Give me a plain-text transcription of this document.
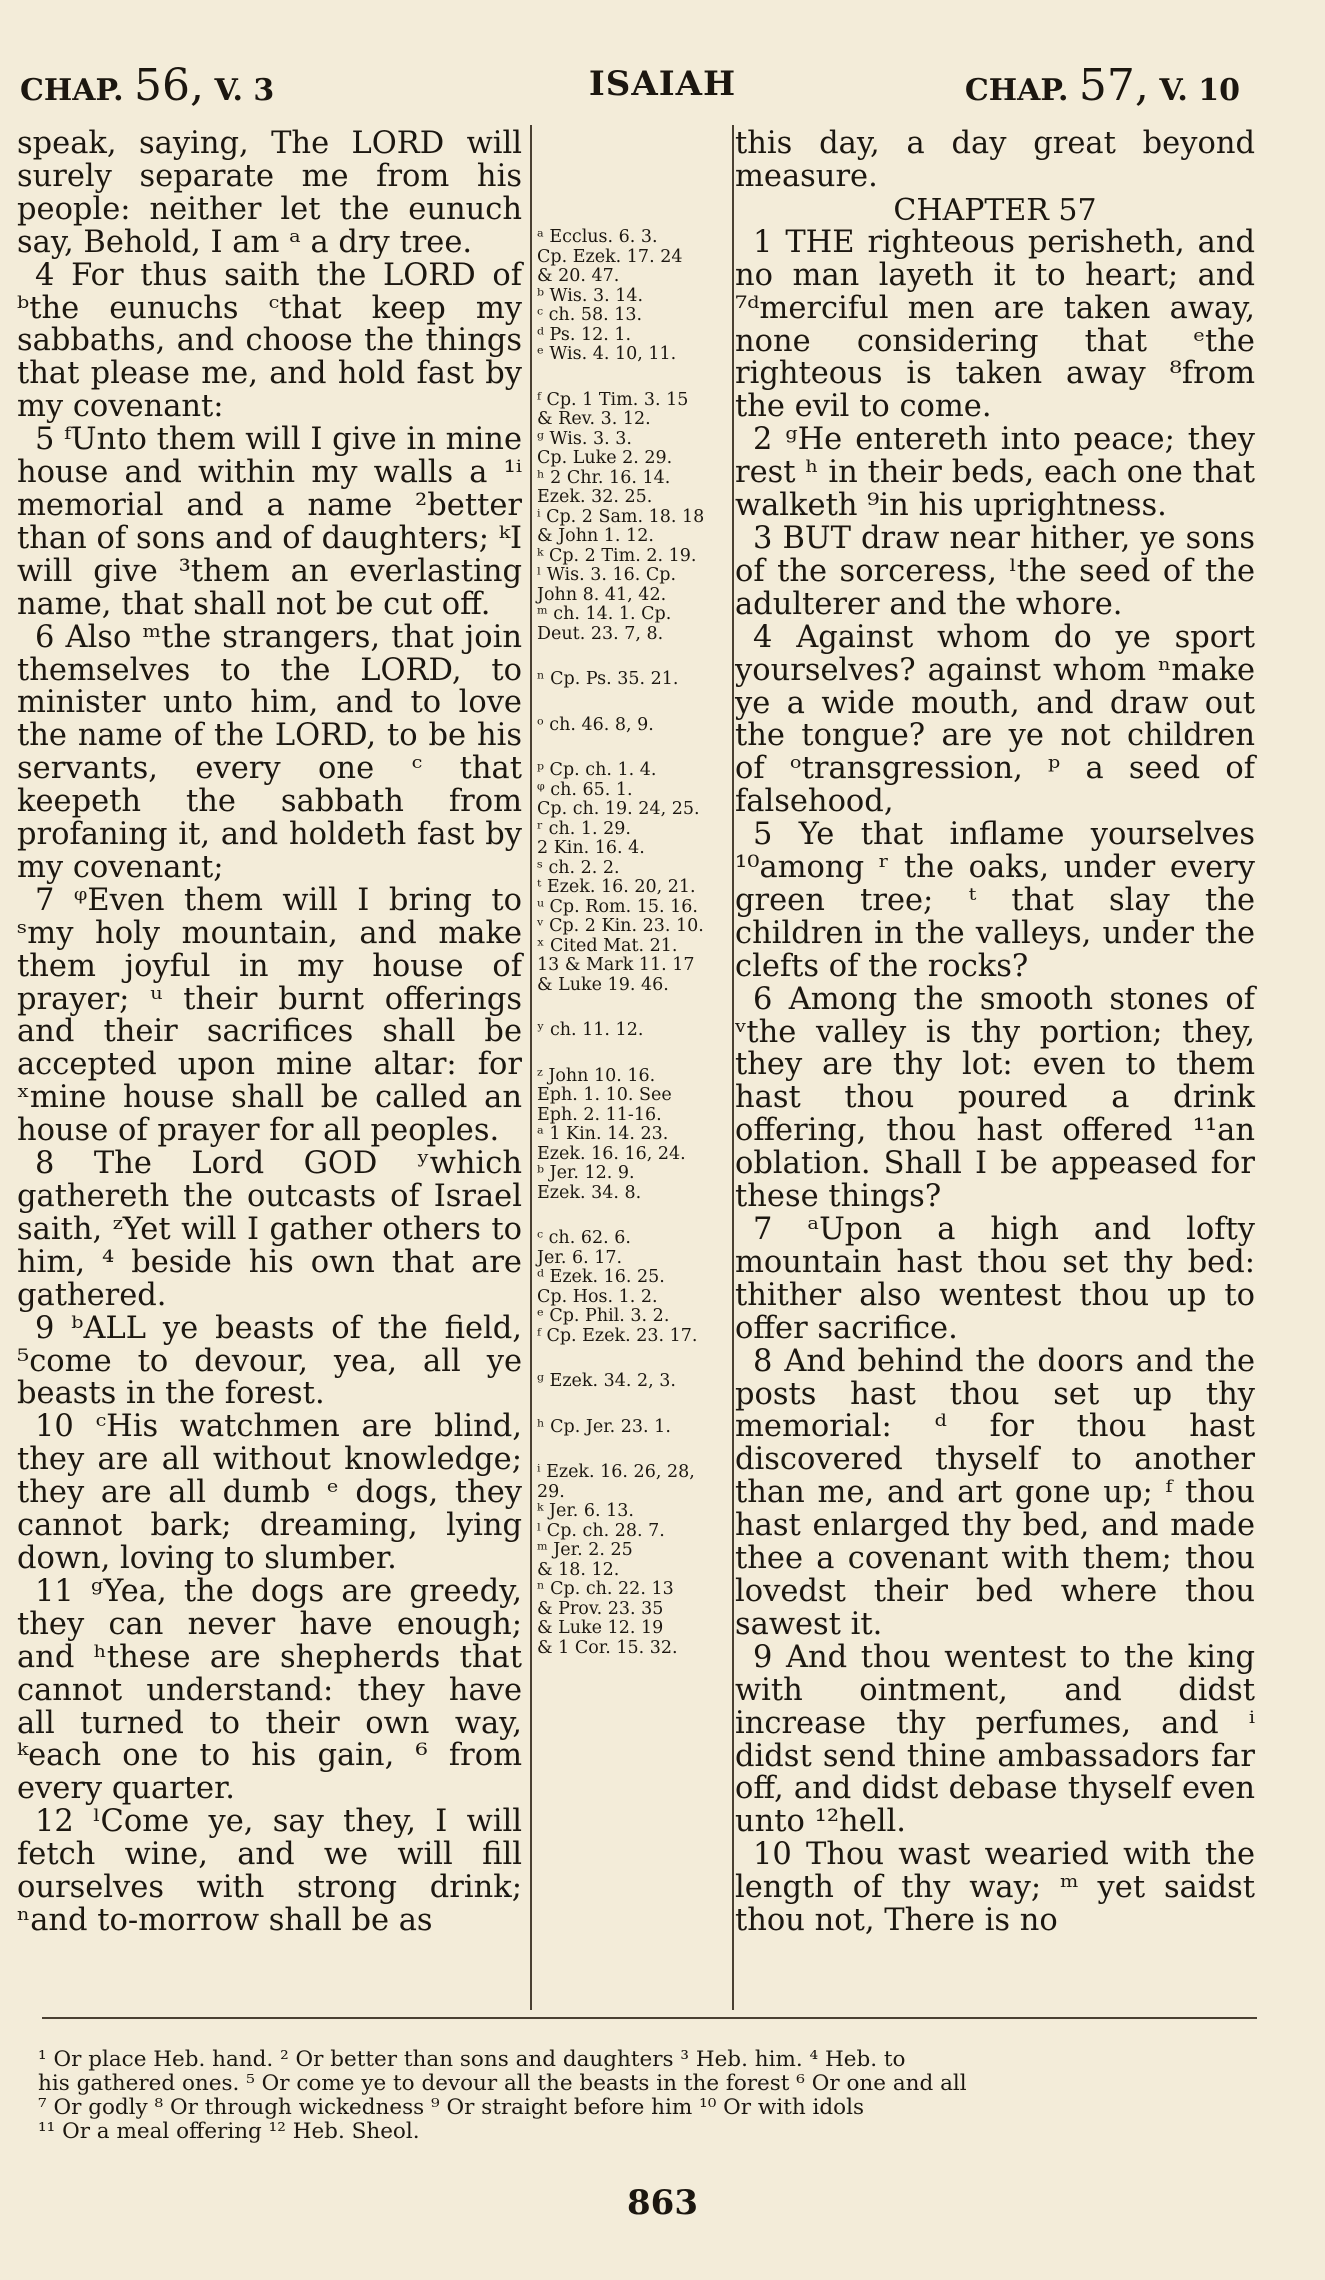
CHAP. 56, V. 3	ISAIAH	CHAP. 57, V. 10

speak, saying, The LORD will surely separate me from his people: neither let the eunuch say, Behold, I am ᵃ a dry tree.

4 For thus saith the LORD of ᵇthe eunuchs ᶜthat keep my sabbaths, and choose the things that please me, and hold fast by my covenant:

5 ᶠUnto them will I give in mine house and within my walls a ¹ⁱ memorial and a name ²better than of sons and of daughters; ᵏI will give ³them an everlasting name, that shall not be cut off.

6 Also ᵐthe strangers, that join themselves to the LORD, to minister unto him, and to love the name of the LORD, to be his servants, every one ᶜ that keepeth the sabbath from profaning it, and holdeth fast by my covenant;

7 ᵠEven them will I bring to ˢmy holy mountain, and make them joyful in my house of prayer; ᵘ their burnt offerings and their sacrifices shall be accepted upon mine altar: for ˣmine house shall be called an house of prayer for all peoples.

8 The Lord GOD ʸwhich gathereth the outcasts of Israel saith, ᶻYet will I gather others to him, ⁴ beside his own that are gathered.

9 ᵇALL ye beasts of the field, ⁵come to devour, yea, all ye beasts in the forest.

10 ᶜHis watchmen are blind, they are all without knowledge; they are all dumb ᵉ dogs, they cannot bark; dreaming, lying down, loving to slumber.

11 ᵍYea, the dogs are greedy, they can never have enough; and ʰthese are shepherds that cannot understand: they have all turned to their own way, ᵏeach one to his gain, ⁶ from every quarter.

12 ˡCome ye, say they, I will fetch wine, and we will fill ourselves with strong drink; ⁿand to-morrow shall be as

ᵃ Ecclus. 6. 3.
Cp. Ezek. 17. 24
& 20. 47.
ᵇ Wis. 3. 14.
ᶜ ch. 58. 13.
ᵈ Ps. 12. 1.
ᵉ Wis. 4. 10, 11.
ᶠ Cp. 1 Tim. 3. 15
& Rev. 3. 12.
ᵍ Wis. 3. 3.
Cp. Luke 2. 29.
ʰ 2 Chr. 16. 14.
Ezek. 32. 25.
ⁱ Cp. 2 Sam. 18. 18
& John 1. 12.
ᵏ Cp. 2 Tim. 2. 19.
ˡ Wis. 3. 16. Cp.
John 8. 41, 42.
ᵐ ch. 14. 1. Cp.
Deut. 23. 7, 8.
ⁿ Cp. Ps. 35. 21.
ᵒ ch. 46. 8, 9.
ᵖ Cp. ch. 1. 4.
ᵠ ch. 65. 1.
Cp. ch. 19. 24, 25.
ʳ ch. 1. 29.
2 Kin. 16. 4.
ˢ ch. 2. 2.
ᵗ Ezek. 16. 20, 21.
ᵘ Cp. Rom. 15. 16.
ᵛ Cp. 2 Kin. 23. 10.
ˣ Cited Mat. 21.
13 & Mark 11. 17
& Luke 19. 46.
ʸ ch. 11. 12.
ᶻ John 10. 16.
Eph. 1. 10. See
Eph. 2. 11-16.
ᵃ 1 Kin. 14. 23.
Ezek. 16. 16, 24.
ᵇ Jer. 12. 9.
Ezek. 34. 8.
ᶜ ch. 62. 6.
Jer. 6. 17.
ᵈ Ezek. 16. 25.
Cp. Hos. 1. 2.
ᵉ Cp. Phil. 3. 2.
ᶠ Cp. Ezek. 23. 17.
ᵍ Ezek. 34. 2, 3.
ʰ Cp. Jer. 23. 1.
ⁱ Ezek. 16. 26, 28,
29.
ᵏ Jer. 6. 13.
ˡ Cp. ch. 28. 7.
ᵐ Jer. 2. 25
& 18. 12.
ⁿ Cp. ch. 22. 13
& Prov. 23. 35
& Luke 12. 19
& 1 Cor. 15. 32.

this day, a day great beyond measure.

CHAPTER 57

1 THE righteous perisheth, and no man layeth it to heart; and ⁷ᵈmerciful men are taken away, none considering that ᵉthe righteous is taken away ⁸from the evil to come.

2 ᵍHe entereth into peace; they rest ʰ in their beds, each one that walketh ⁹in his uprightness.

3 BUT draw near hither, ye sons of the sorceress, ˡthe seed of the adulterer and the whore.

4 Against whom do ye sport yourselves? against whom ⁿmake ye a wide mouth, and draw out the tongue? are ye not children of ᵒtransgression, ᵖ a seed of falsehood,

5 Ye that inflame yourselves ¹⁰among ʳ the oaks, under every green tree; ᵗ that slay the children in the valleys, under the clefts of the rocks?

6 Among the smooth stones of ᵛthe valley is thy portion; they, they are thy lot: even to them hast thou poured a drink offering, thou hast offered ¹¹an oblation. Shall I be appeased for these things?

7 ᵃUpon a high and lofty mountain hast thou set thy bed: thither also wentest thou up to offer sacrifice.

8 And behind the doors and the posts hast thou set up thy memorial: ᵈ for thou hast discovered thyself to another than me, and art gone up; ᶠ thou hast enlarged thy bed, and made thee a covenant with them; thou lovedst their bed where thou sawest it.

9 And thou wentest to the king with ointment, and didst increase thy perfumes, and ⁱ didst send thine ambassadors far off, and didst debase thyself even unto ¹²hell.

10 Thou wast wearied with the length of thy way; ᵐ yet saidst thou not, There is no

¹ Or place Heb. hand. ² Or better than sons and daughters ³ Heb. him. ⁴ Heb. to
his gathered ones. ⁵ Or come ye to devour all the beasts in the forest ⁶ Or one and all
⁷ Or godly ⁸ Or through wickedness ⁹ Or straight before him ¹⁰ Or with idols
¹¹ Or a meal offering ¹² Heb. Sheol.
863
